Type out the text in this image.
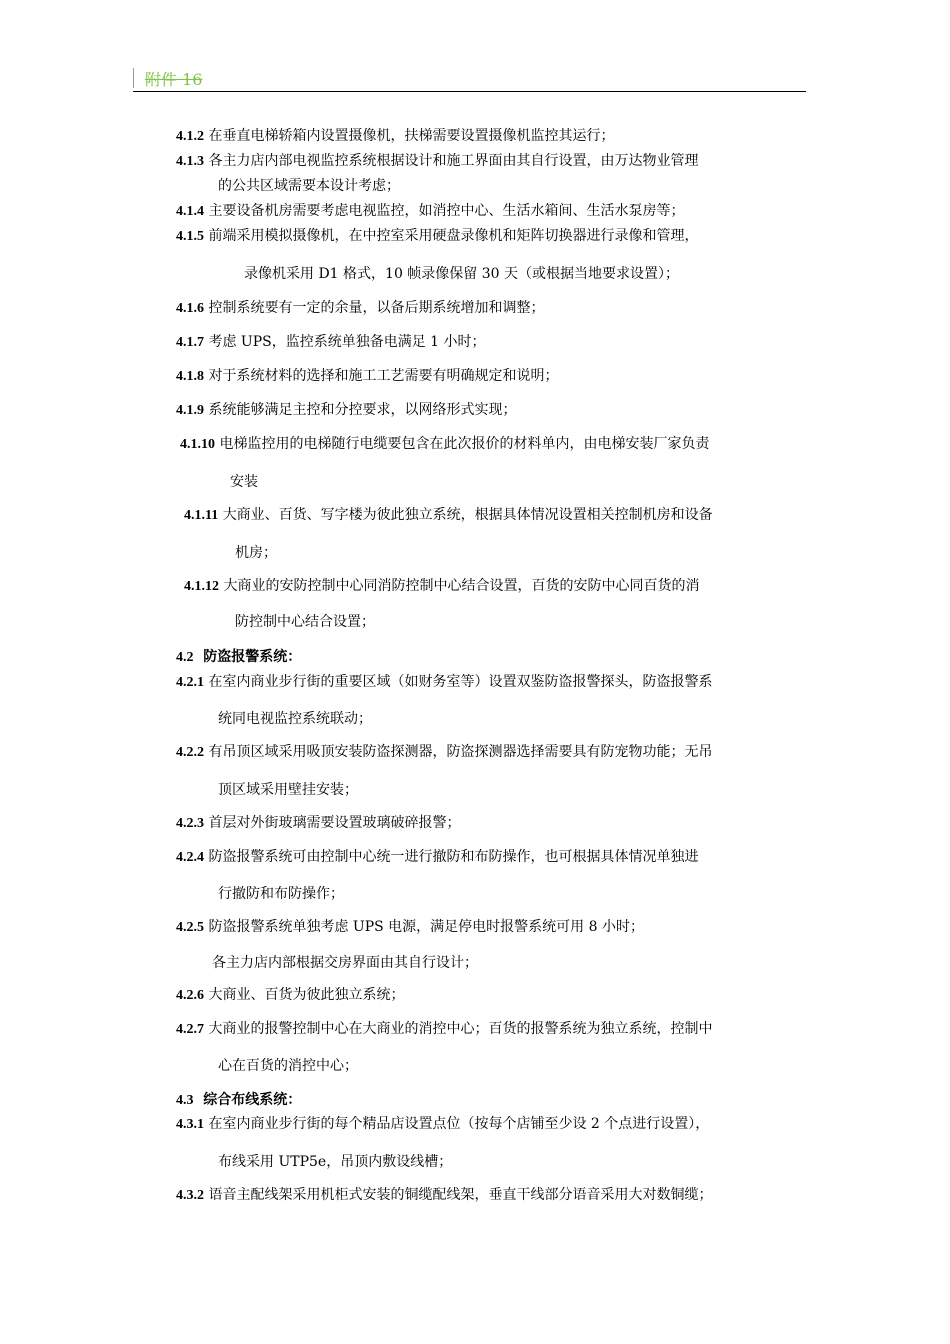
附件 16
4.1.2 在垂直电梯轿箱内设置摄像机，扶梯需要设置摄像机监控其运行；
4.1.3 各主力店内部电视监控系统根据设计和施工界面由其自行设置，由万达物业管理
的公共区域需要本设计考虑；
4.1.4 主要设备机房需要考虑电视监控，如消控中心、生活水箱间、生活水泵房等；
4.1.5 前端采用模拟摄像机，在中控室采用硬盘录像机和矩阵切换器进行录像和管理，
录像机采用 D1 格式，10 帧录像保留 30 天（或根据当地要求设置）；
4.1.6 控制系统要有一定的余量，以备后期系统增加和调整；
4.1.7 考虑 UPS，监控系统单独备电满足 1 小时；
4.1.8 对于系统材料的选择和施工工艺需要有明确规定和说明；
4.1.9 系统能够满足主控和分控要求，以网络形式实现；
4.1.10 电梯监控用的电梯随行电缆要包含在此次报价的材料单内，由电梯安装厂家负责
安装
4.1.11 大商业、百货、写字楼为彼此独立系统，根据具体情况设置相关控制机房和设备
机房；
4.1.12 大商业的安防控制中心同消防控制中心结合设置，百货的安防中心同百货的消
防控制中心结合设置；
4.2 防盗报警系统：
4.2.1 在室内商业步行街的重要区域（如财务室等）设置双鉴防盗报警探头，防盗报警系
统同电视监控系统联动；
4.2.2 有吊顶区域采用吸顶安装防盗探测器，防盗探测器选择需要具有防宠物功能；无吊
顶区域采用壁挂安装；
4.2.3 首层对外街玻璃需要设置玻璃破碎报警；
4.2.4 防盗报警系统可由控制中心统一进行撤防和布防操作，也可根据具体情况单独进
行撤防和布防操作；
4.2.5 防盗报警系统单独考虑 UPS 电源，满足停电时报警系统可用 8 小时；
各主力店内部根据交房界面由其自行设计；
4.2.6 大商业、百货为彼此独立系统；
4.2.7 大商业的报警控制中心在大商业的消控中心；百货的报警系统为独立系统，控制中
心在百货的消控中心；
4.3 综合布线系统：
4.3.1 在室内商业步行街的每个精品店设置点位（按每个店铺至少设 2 个点进行设置），
布线采用 UTP5e，吊顶内敷设线槽；
4.3.2 语音主配线架采用机柜式安装的铜缆配线架，垂直干线部分语音采用大对数铜缆；
